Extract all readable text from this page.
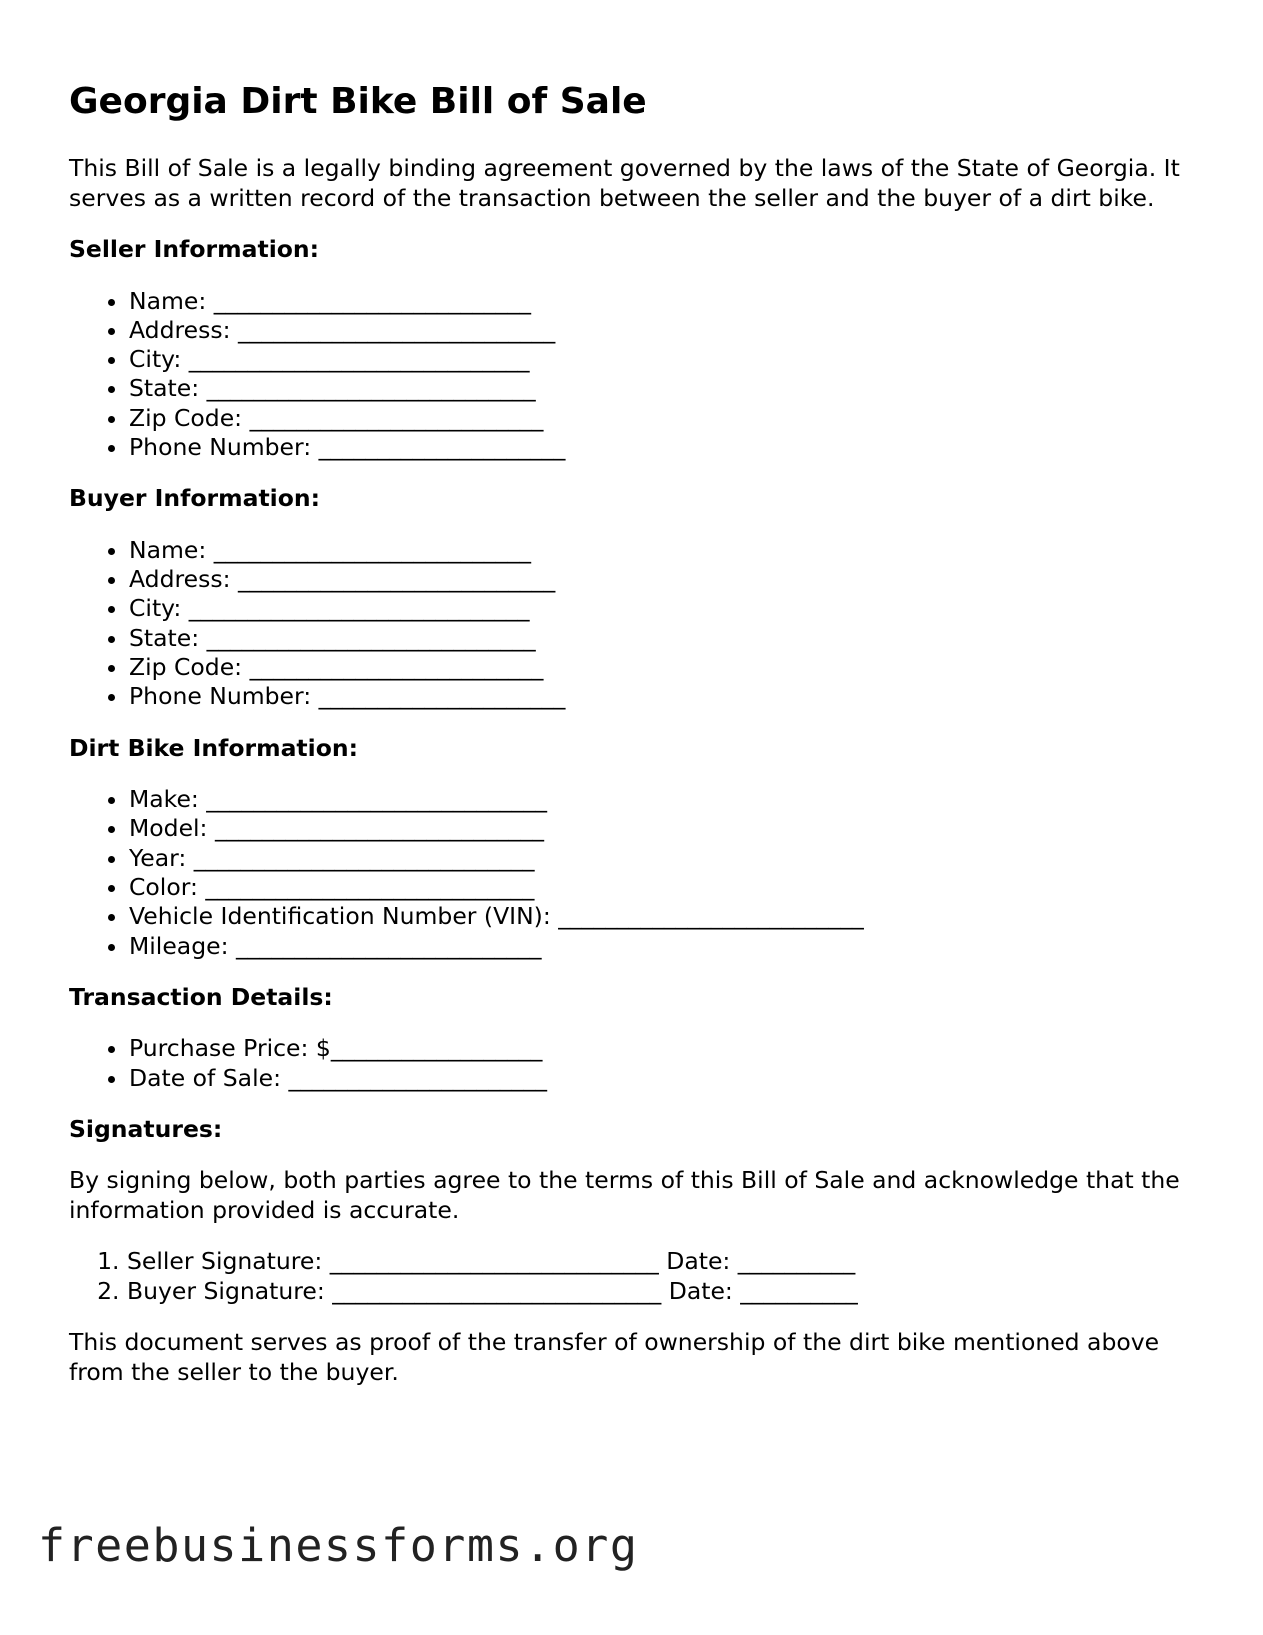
Georgia Dirt Bike Bill of Sale

This Bill of Sale is a legally binding agreement governed by the laws of the State of Georgia. It serves as a written record of the transaction between the seller and the buyer of a dirt bike.

Seller Information:
• Name: ___________________________
• Address: ___________________________
• City: _____________________________
• State: ____________________________
• Zip Code: _________________________
• Phone Number: _____________________
Buyer Information:
• Name: ___________________________
• Address: ___________________________
• City: _____________________________
• State: ____________________________
• Zip Code: _________________________
• Phone Number: _____________________
Dirt Bike Information:
• Make: _____________________________
• Model: ____________________________
• Year: _____________________________
• Color: ____________________________
• Vehicle Identification Number (VIN): __________________________
• Mileage: __________________________
Transaction Details:
• Purchase Price: $__________________
• Date of Sale: ______________________
Signatures:

By signing below, both parties agree to the terms of this Bill of Sale and acknowledge that the information provided is accurate.

1. Seller Signature: ____________________________ Date: __________
2. Buyer Signature: ____________________________ Date: __________

This document serves as proof of the transfer of ownership of the dirt bike mentioned above from the seller to the buyer.

freebusinessforms.org
